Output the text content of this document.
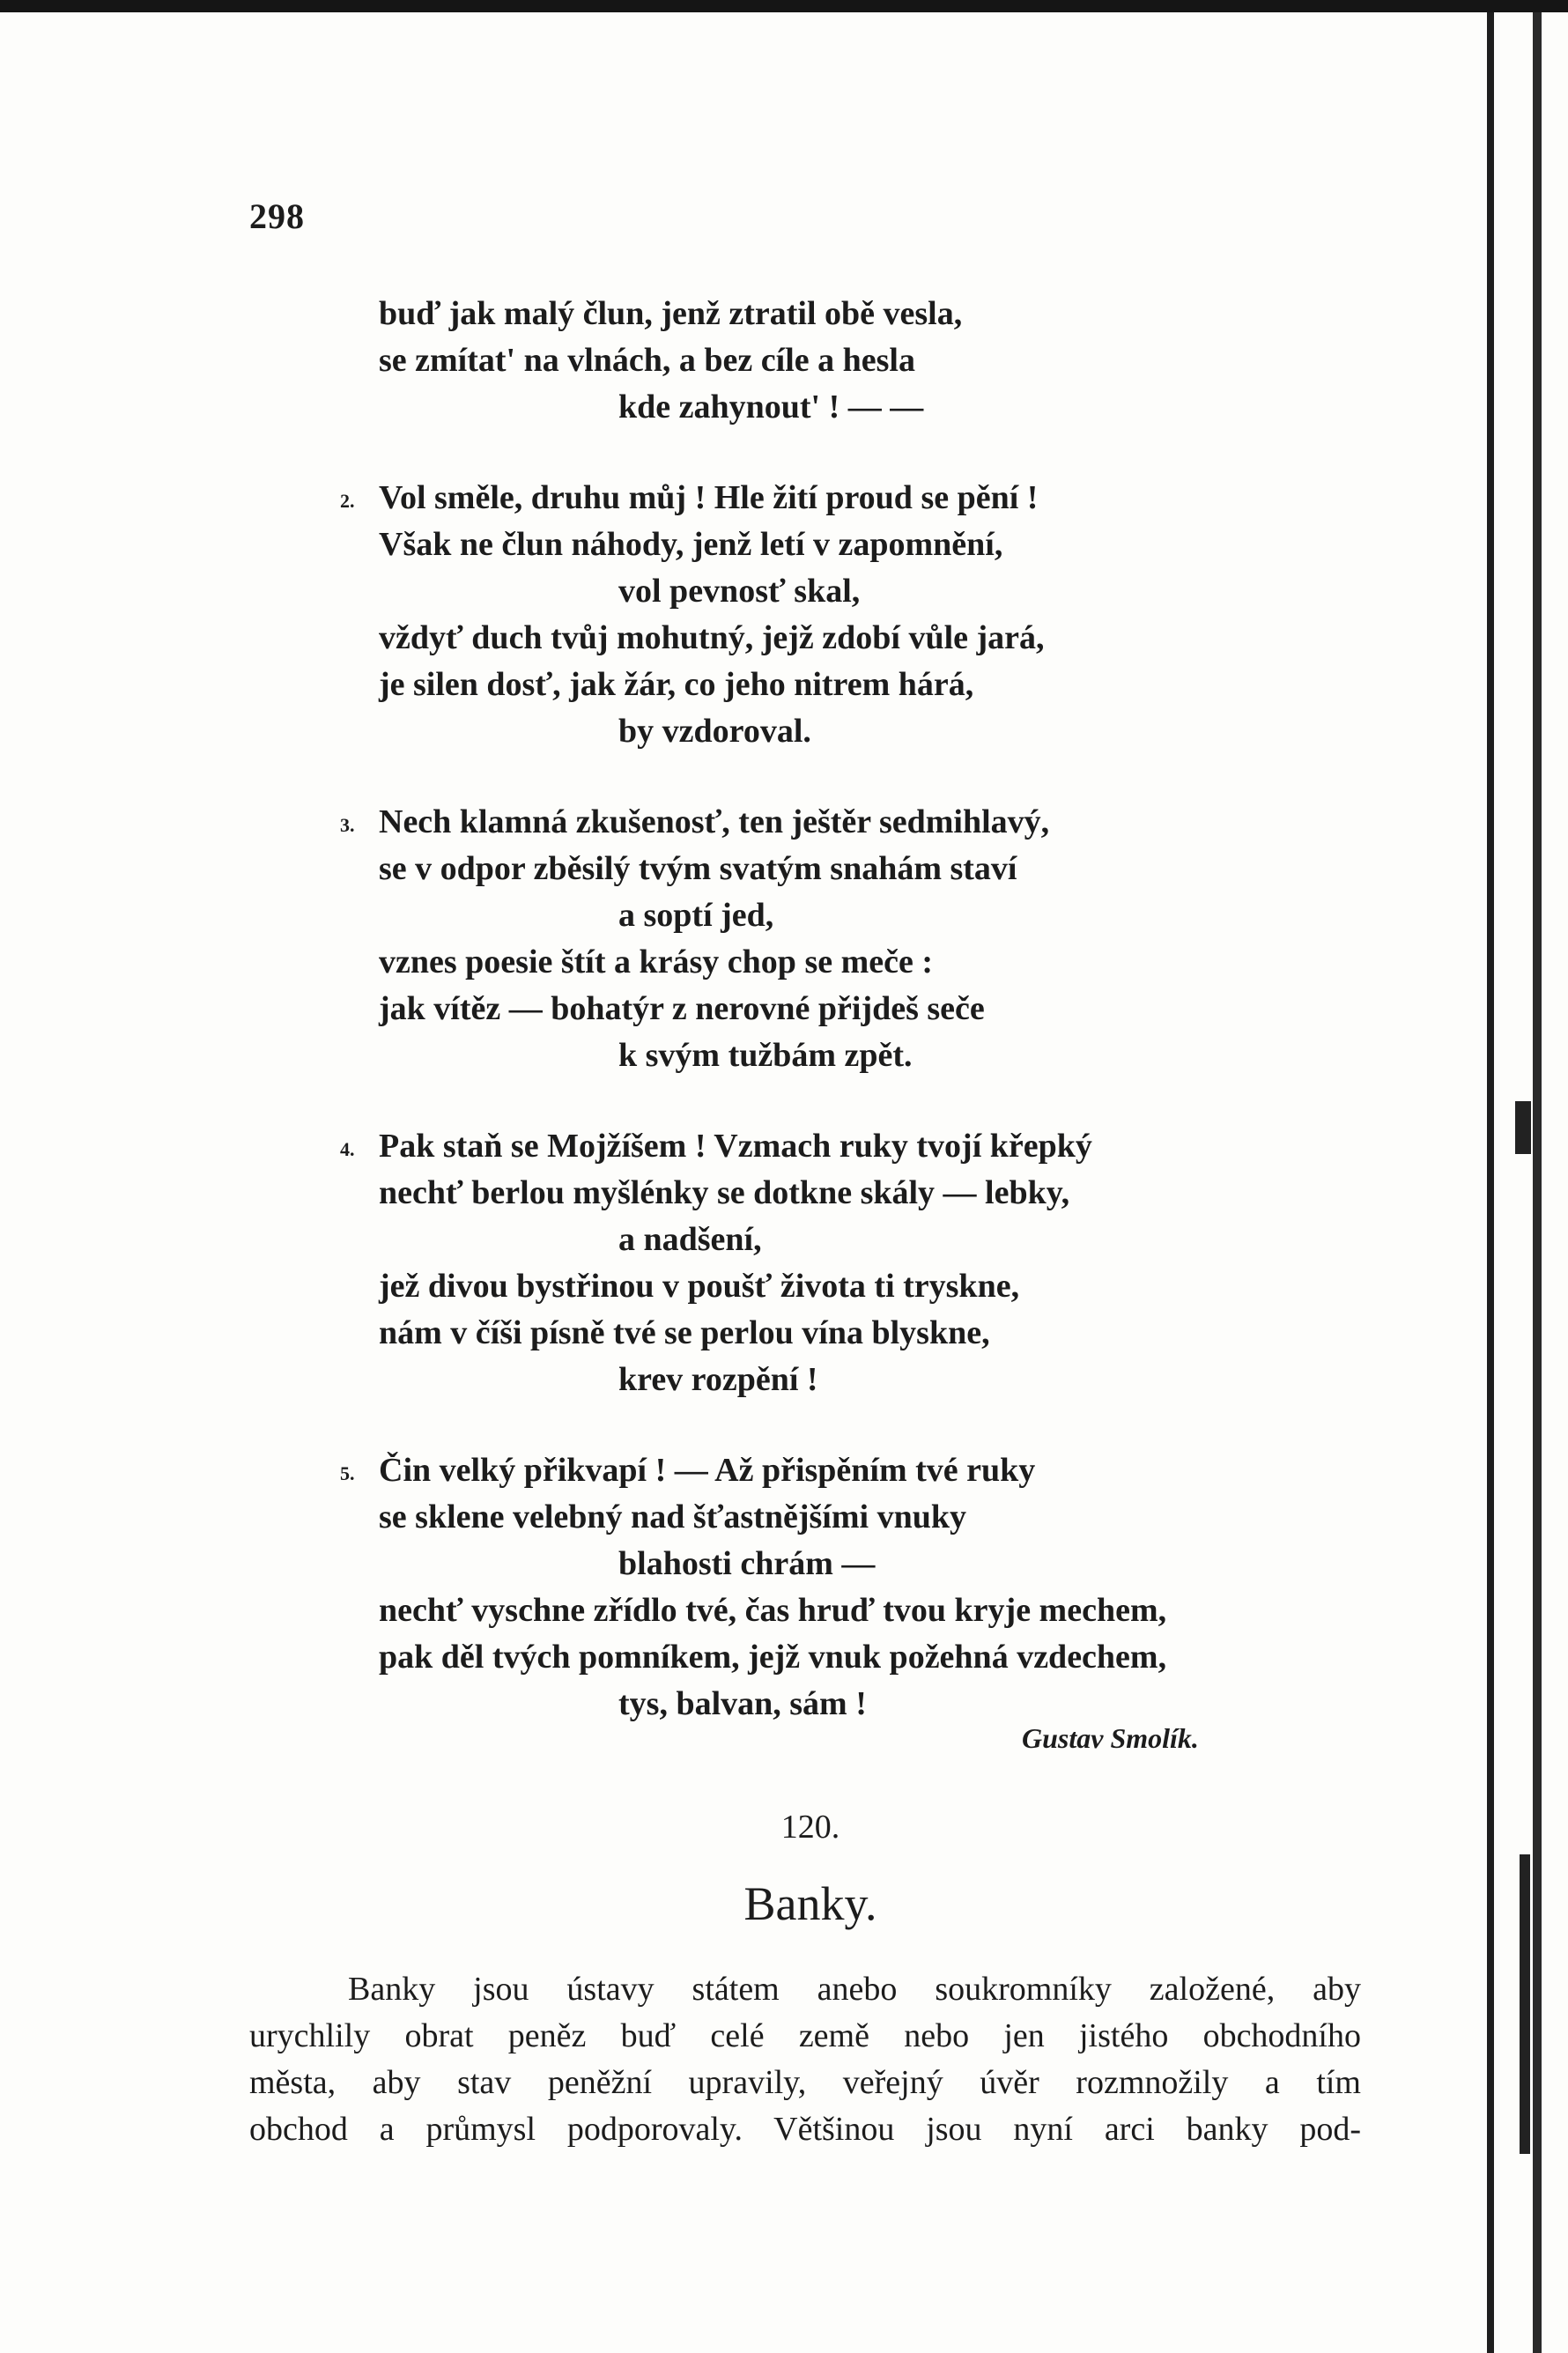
298
buď jak malý člun, jenž ztratil obě vesla,
se zmítat' na vlnách, a bez cíle a hesla
kde zahynout' ! — —
2. Vol směle, druhu můj ! Hle žití proud se pění !
Však ne člun náhody, jenž letí v zapomnění,
vol pevnosť skal,
vždyť duch tvůj mohutný, jejž zdobí vůle jará,
je silen dosť, jak žár, co jeho nitrem hárá,
by vzdoroval.
3. Nech klamná zkušenosť, ten ještěr sedmihlavý,
se v odpor zběsilý tvým svatým snahám staví
a soptí jed,
vznes poesie štít a krásy chop se meče :
jak vítěz — bohatýr z nerovné přijdeš seče
k svým tužbám zpět.
4. Pak staň se Mojžíšem ! Vzmach ruky tvojí křepký
nechť berlou myšlénky se dotkne skály — lebky,
a nadšení,
jež divou bystřinou v poušť života ti tryskne,
nám v číši písně tvé se perlou vína blyskne,
krev rozpění !
5. Čin velký přikvapí ! — Až přispěním tvé ruky
se sklene velebný nad šťastnějšími vnuky
blahosti chrám —
nechť vyschne zřídlo tvé, čas hruď tvou kryje mechem,
pak děl tvých pomníkem, jejž vnuk požehná vzdechem,
tys, balvan, sám !
Gustav Smolík.
120.
Banky.
Banky jsou ústavy státem anebo soukromníky založené, aby
urychlily obrat peněz buď celé země nebo jen jistého obchodního
města, aby stav peněžní upravily, veřejný úvěr rozmnožily a tím
obchod a průmysl podporovaly. Většinou jsou nyní arci banky pod-
